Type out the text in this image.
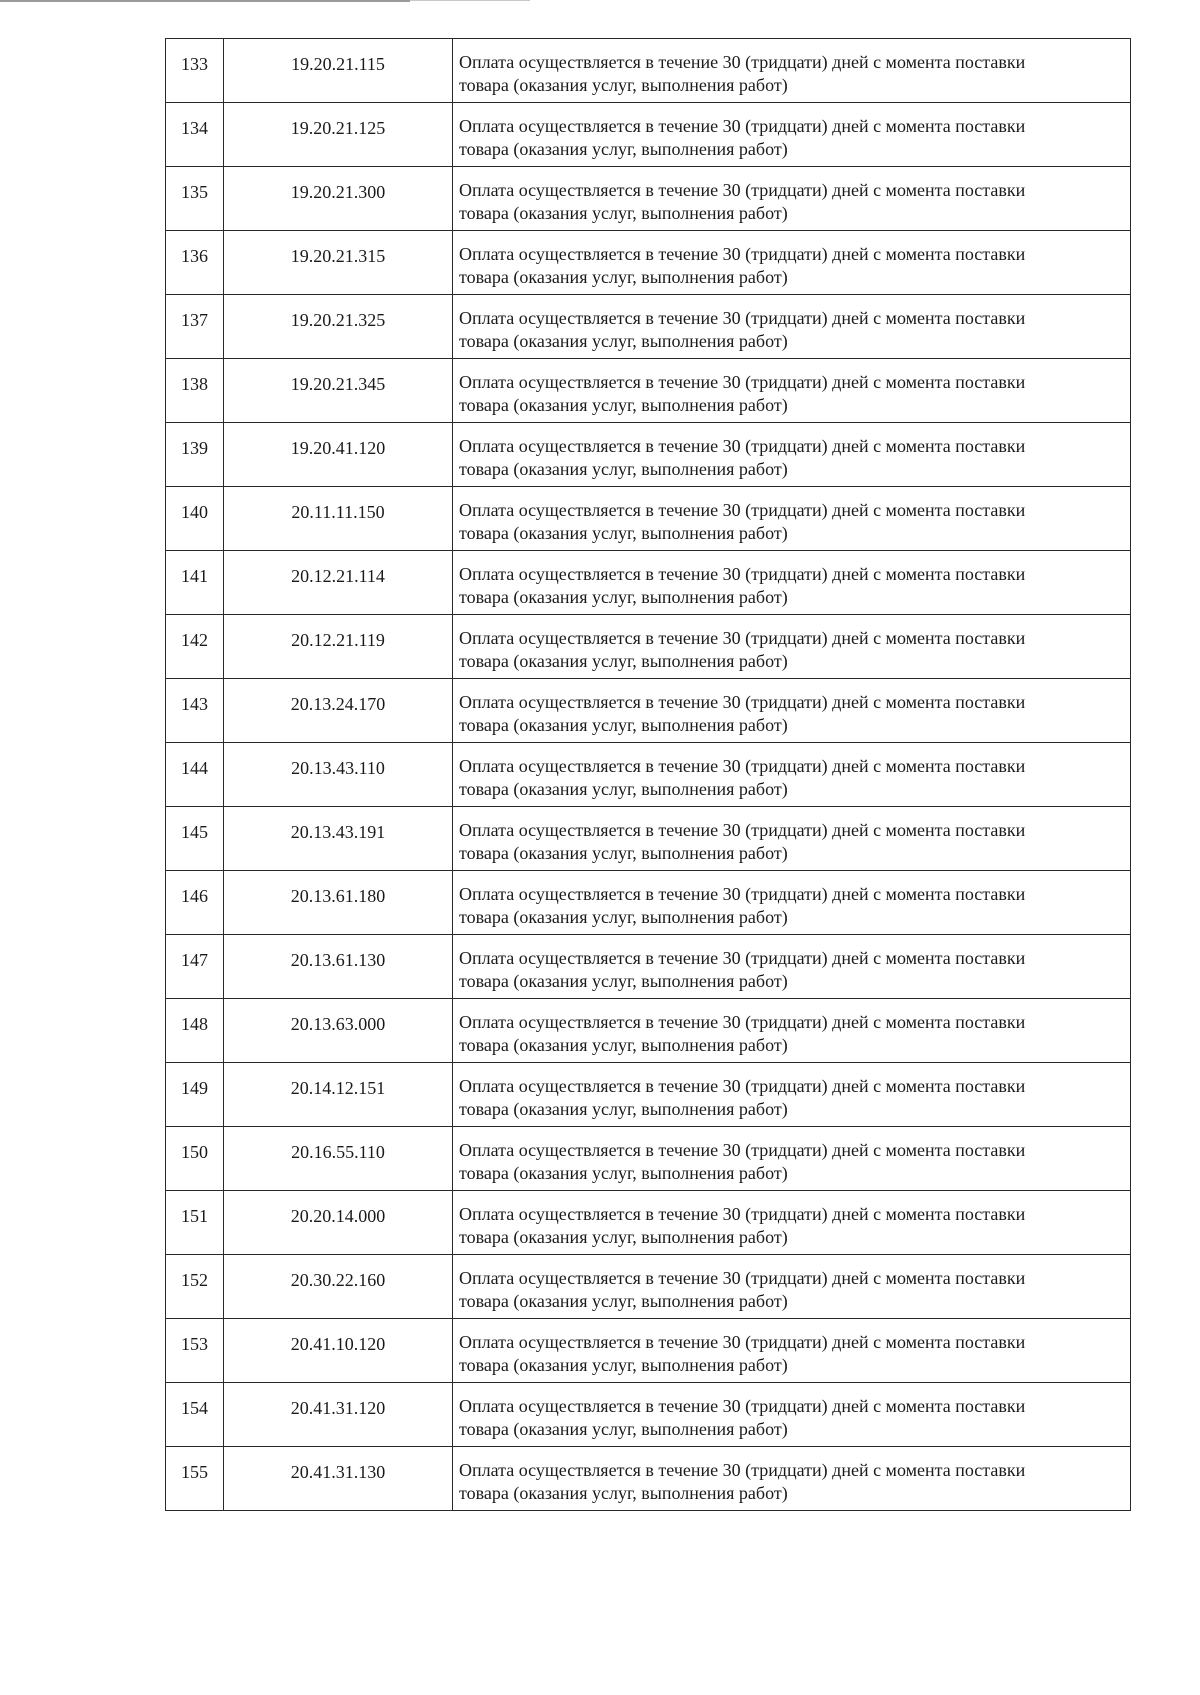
133	19.20.21.115	Оплата осуществляется в течение 30 (тридцати) дней с момента поставки
товара (оказания услуг, выполнения работ)

134	19.20.21.125	Оплата осуществляется в течение 30 (тридцати) дней с момента поставки
товара (оказания услуг, выполнения работ)

135	19.20.21.300	Оплата осуществляется в течение 30 (тридцати) дней с момента поставки
товара (оказания услуг, выполнения работ)

136	19.20.21.315	Оплата осуществляется в течение 30 (тридцати) дней с момента поставки
товара (оказания услуг, выполнения работ)

137	19.20.21.325	Оплата осуществляется в течение 30 (тридцати) дней с момента поставки
товара (оказания услуг, выполнения работ)

138	19.20.21.345	Оплата осуществляется в течение 30 (тридцати) дней с момента поставки
товара (оказания услуг, выполнения работ)

139	19.20.41.120	Оплата осуществляется в течение 30 (тридцати) дней с момента поставки
товара (оказания услуг, выполнения работ)

140	20.11.11.150	Оплата осуществляется в течение 30 (тридцати) дней с момента поставки
товара (оказания услуг, выполнения работ)

141	20.12.21.114	Оплата осуществляется в течение 30 (тридцати) дней с момента поставки
товара (оказания услуг, выполнения работ)

142	20.12.21.119	Оплата осуществляется в течение 30 (тридцати) дней с момента поставки
товара (оказания услуг, выполнения работ)

143	20.13.24.170	Оплата осуществляется в течение 30 (тридцати) дней с момента поставки
товара (оказания услуг, выполнения работ)

144	20.13.43.110	Оплата осуществляется в течение 30 (тридцати) дней с момента поставки
товара (оказания услуг, выполнения работ)

145	20.13.43.191	Оплата осуществляется в течение 30 (тридцати) дней с момента поставки
товара (оказания услуг, выполнения работ)

146	20.13.61.180	Оплата осуществляется в течение 30 (тридцати) дней с момента поставки
товара (оказания услуг, выполнения работ)

147	20.13.61.130	Оплата осуществляется в течение 30 (тридцати) дней с момента поставки
товара (оказания услуг, выполнения работ)

148	20.13.63.000	Оплата осуществляется в течение 30 (тридцати) дней с момента поставки
товара (оказания услуг, выполнения работ)

149	20.14.12.151	Оплата осуществляется в течение 30 (тридцати) дней с момента поставки
товара (оказания услуг, выполнения работ)

150	20.16.55.110	Оплата осуществляется в течение 30 (тридцати) дней с момента поставки
товара (оказания услуг, выполнения работ)

151	20.20.14.000	Оплата осуществляется в течение 30 (тридцати) дней с момента поставки
товара (оказания услуг, выполнения работ)

152	20.30.22.160	Оплата осуществляется в течение 30 (тридцати) дней с момента поставки
товара (оказания услуг, выполнения работ)

153	20.41.10.120	Оплата осуществляется в течение 30 (тридцати) дней с момента поставки
товара (оказания услуг, выполнения работ)

154	20.41.31.120	Оплата осуществляется в течение 30 (тридцати) дней с момента поставки
товара (оказания услуг, выполнения работ)

155	20.41.31.130	Оплата осуществляется в течение 30 (тридцати) дней с момента поставки
товара (оказания услуг, выполнения работ)
